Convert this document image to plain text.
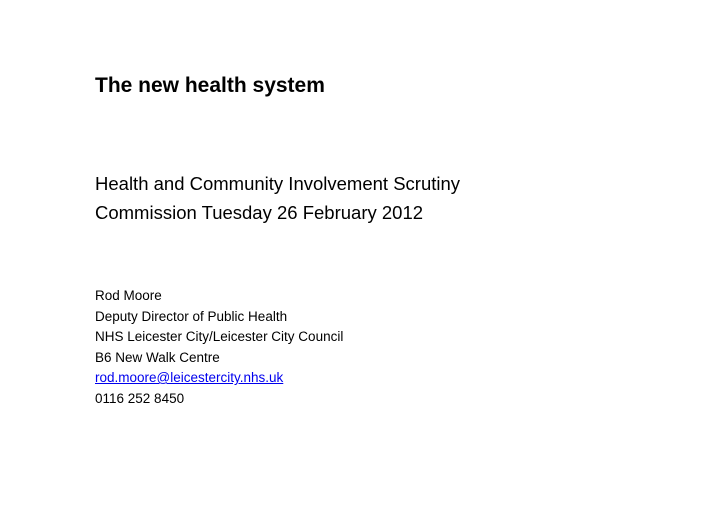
The new health system
Health and Community Involvement Scrutiny
Commission Tuesday 26 February 2012
Rod Moore
Deputy Director of Public Health
NHS Leicester City/Leicester City Council
B6 New Walk Centre
rod.moore@leicestercity.nhs.uk
0116 252 8450
